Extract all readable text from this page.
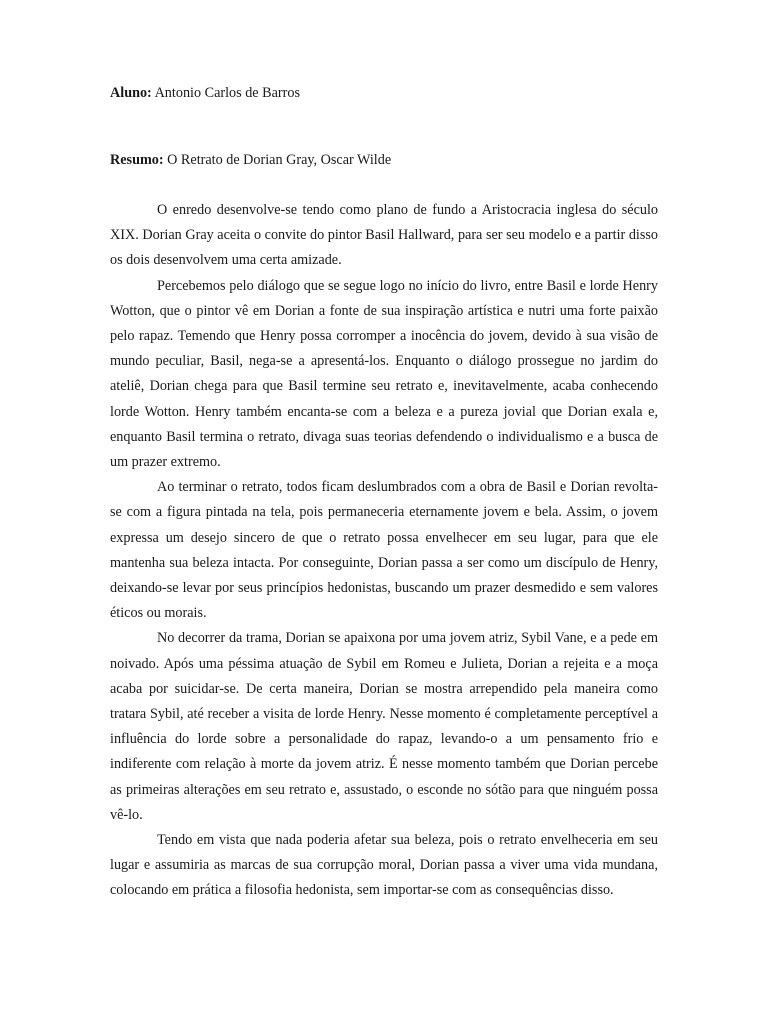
Aluno: Antonio Carlos de Barros

Resumo: O Retrato de Dorian Gray, Oscar Wilde

O enredo desenvolve-se tendo como plano de fundo a Aristocracia inglesa do século XIX. Dorian Gray aceita o convite do pintor Basil Hallward, para ser seu modelo e a partir disso os dois desenvolvem uma certa amizade.

Percebemos pelo diálogo que se segue logo no início do livro, entre Basil e lorde Henry Wotton, que o pintor vê em Dorian a fonte de sua inspiração artística e nutri uma forte paixão pelo rapaz. Temendo que Henry possa corromper a inocência do jovem, devido à sua visão de mundo peculiar, Basil, nega-se a apresentá-los. Enquanto o diálogo prossegue no jardim do ateliê, Dorian chega para que Basil termine seu retrato e, inevitavelmente, acaba conhecendo lorde Wotton. Henry também encanta-se com a beleza e a pureza jovial que Dorian exala e, enquanto Basil termina o retrato, divaga suas teorias defendendo o individualismo e a busca de um prazer extremo.

Ao terminar o retrato, todos ficam deslumbrados com a obra de Basil e Dorian revolta-se com a figura pintada na tela, pois permaneceria eternamente jovem e bela. Assim, o jovem expressa um desejo sincero de que o retrato possa envelhecer em seu lugar, para que ele mantenha sua beleza intacta. Por conseguinte, Dorian passa a ser como um discípulo de Henry, deixando-se levar por seus princípios hedonistas, buscando um prazer desmedido e sem valores éticos ou morais.

No decorrer da trama, Dorian se apaixona por uma jovem atriz, Sybil Vane, e a pede em noivado. Após uma péssima atuação de Sybil em Romeu e Julieta, Dorian a rejeita e a moça acaba por suicidar-se. De certa maneira, Dorian se mostra arrependido pela maneira como tratara Sybil, até receber a visita de lorde Henry. Nesse momento é completamente perceptível a influência do lorde sobre a personalidade do rapaz, levando-o a um pensamento frio e indiferente com relação à morte da jovem atriz. É nesse momento também que Dorian percebe as primeiras alterações em seu retrato e, assustado, o esconde no sótão para que ninguém possa vê-lo.

Tendo em vista que nada poderia afetar sua beleza, pois o retrato envelheceria em seu lugar e assumiria as marcas de sua corrupção moral, Dorian passa a viver uma vida mundana, colocando em prática a filosofia hedonista, sem importar-se com as consequências disso.
